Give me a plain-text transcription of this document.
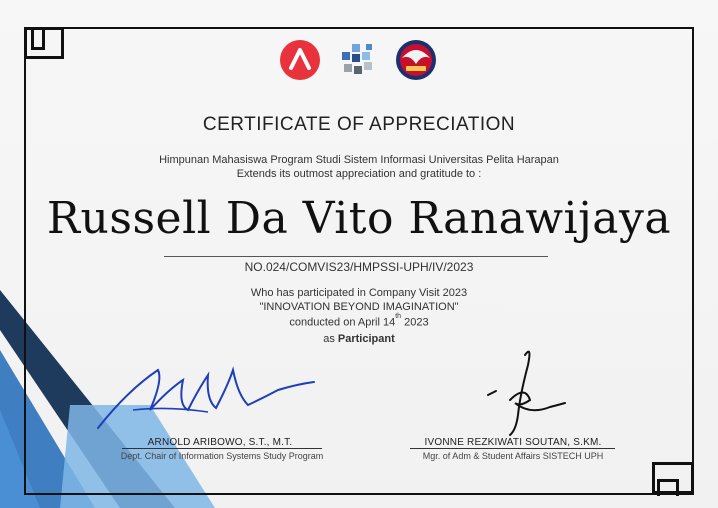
CERTIFICATE OF APPRECIATION
Himpunan Mahasiswa Program Studi Sistem Informasi Universitas Pelita Harapan
Extends its outmost appreciation and gratitude to :
Russell Da Vito Ranawijaya
NO.024/COMVIS23/HMPSSI-UPH/IV/2023
Who has participated in Company Visit 2023
"INNOVATION BEYOND IMAGINATION"
conducted on April 14th 2023
as Participant
ARNOLD ARIBOWO, S.T., M.T.
Dept. Chair of Information Systems Study Program
IVONNE REZKIWATI SOUTAN, S.KM.
Mgr. of Adm & Student Affairs SISTECH UPH
